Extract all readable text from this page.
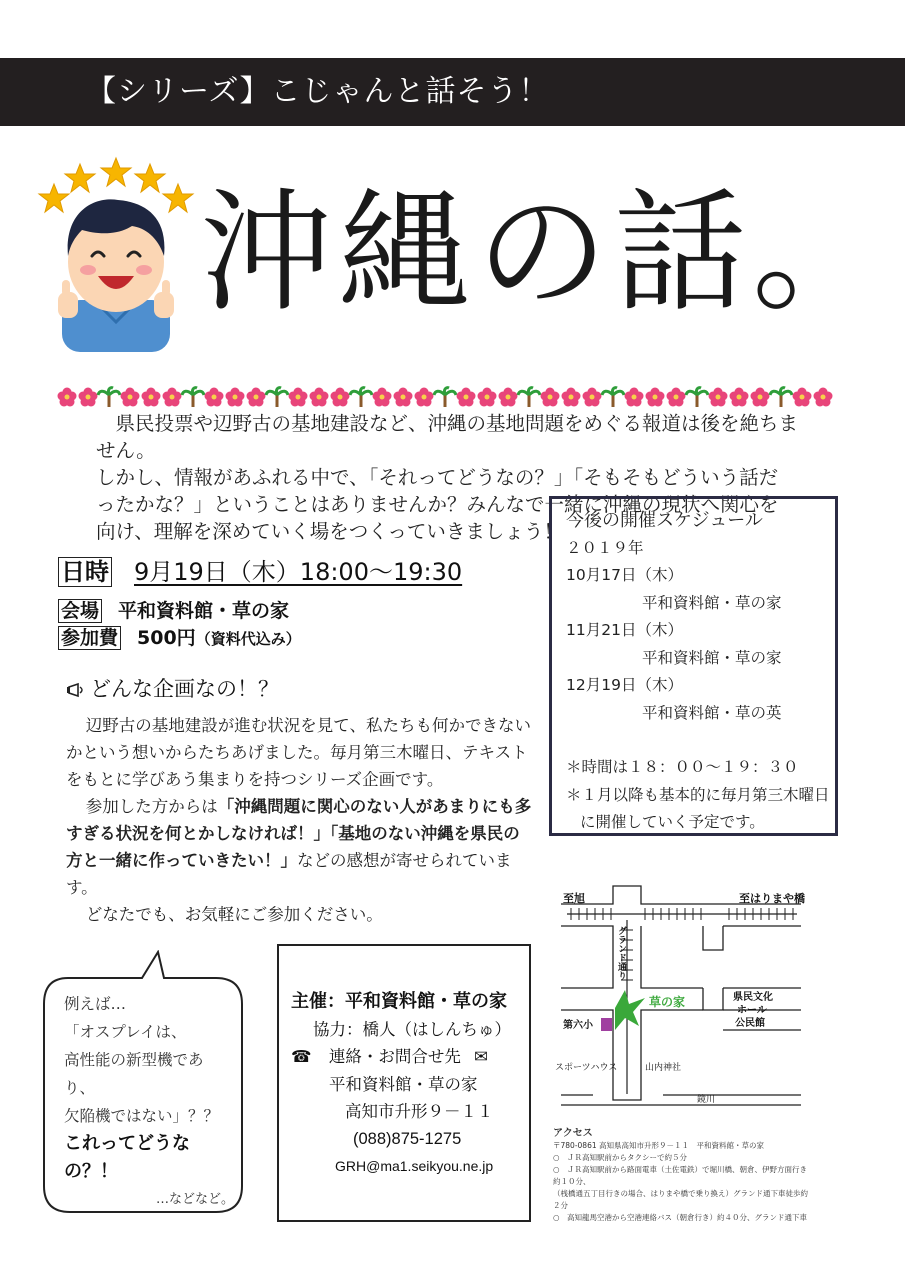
【シリーズ】こじゃんと話そう！
沖縄の話。

県民投票や辺野古の基地建設など、沖縄の基地問題をめぐる報道は後を絶ちません。

しかし、情報があふれる中で、「それってどうなの？」「そもそもどういう話だったかな？」ということはありませんか？みんなで一緒に沖縄の現状へ関心を向け、理解を深めていく場をつくっていきましょう！

日時 9月19日（木）18:00〜19:30
会場 平和資料館・草の家
参加費 500円（資料代込み）
どんな企画なの！？

辺野古の基地建設が進む状況を見て、私たちも何かできないかという想いからたちあげました。毎月第三木曜日、テキストをもとに学びあう集まりを持つシリーズ企画です。

参加した方からは「沖縄問題に関心のない人があまりにも多すぎる状況を何とかしなければ！」「基地のない沖縄を県民の方と一緒に作っていきたい！」などの感想が寄せられています。

どなたでも、お気軽にご参加ください。

今後の開催スケジュール
２０１９年
10月17日（木）
平和資料館・草の家
11月21日（木）
平和資料館・草の家
12月19日（木）
平和資料館・草の英
＊時間は１８：００〜１９：３０
＊１月以降も基本的に毎月第三木曜日
に開催していく予定です。
例えば…
「オスプレイは、
高性能の新型機であり、
欠陥機ではない」？？
これってどうなの？！
…などなど。
主催：平和資料館・草の家
協力：橋人（はしんちゅ）
☎ 連絡・お問合せ先 ✉
平和資料館・草の家
高知市升形９－１１
(088)875-1275
GRH@ma1.seikyou.ne.jp
至旭	至はりまや橋
グランド通り
草の家
第六小
県民文化
ホール
公民館
スポーツハウス	山内神社
鏡川
アクセス
〒780-0861 高知県高知市升形９－１１　平和資料館・草の家
○　ＪＲ高知駅前からタクシーで約５分
○　ＪＲ高知駅前から路面電車（土佐電鉄）で堀川橋、朝倉、伊野方面行き約１０分、
（桟橋通五丁目行きの場合、はりまや橋で乗り換え）グランド通下車徒歩約２分
○　高知龍馬空港から空港連絡バス（朝倉行き）約４０分、グランド通下車
